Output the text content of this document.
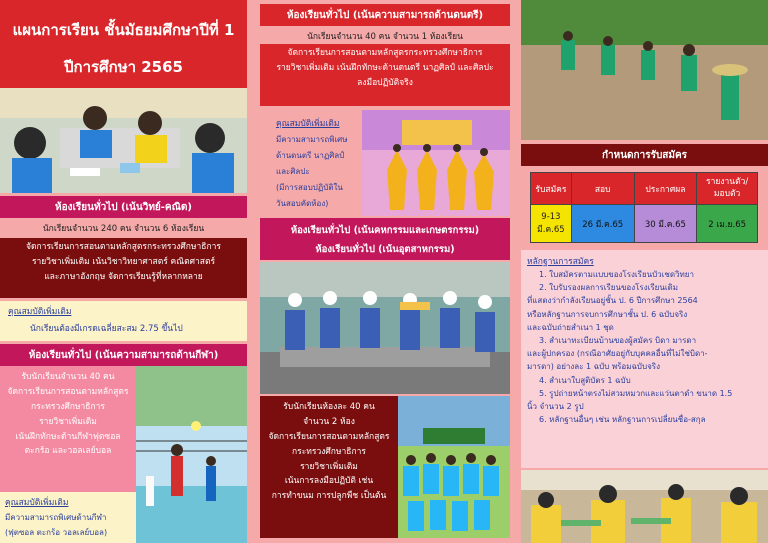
แผนการเรียน ชั้นมัธยมศึกษาปีที่ 1
ปีการศึกษา 2565
ห้องเรียนทั่วไป (เน้นวิทย์-คณิต)
นักเรียนจำนวน 240 คน จำนวน 6 ห้องเรียน
จัดการเรียนการสอนตามหลักสูตรกระทรวงศึกษาธิการ
รายวิชาเพิ่มเติม เน้นวิชาวิทยาศาสตร์ คณิตศาสตร์
และภาษาอังกฤษ จัดการเรียนรู้ที่หลากหลาย
คุณสมบัติเพิ่มเติม
นักเรียนต้องมีเกรดเฉลี่ยสะสม 2.75 ขึ้นไป
ห้องเรียนทั่วไป (เน้นความสามารถด้านกีฬา)
รับนักเรียนจำนวน 40 คน
จัดการเรียนการสอนตามหลักสูตร
กระทรวงศึกษาธิการ
รายวิชาเพิ่มเติม
เน้นฝึกทักษะด้านกีฬาฟุตซอล
ตะกร้อ และวอลเลย์บอล
คุณสมบัติเพิ่มเติม
มีความสามารถพิเศษด้านกีฬา
(ฟุตซอล ตะกร้อ วอลเลย์บอล)
ห้องเรียนทั่วไป (เน้นความสามารถด้านดนตรี)
นักเรียนจำนวน 40 คน จำนวน 1 ห้องเรียน
จัดการเรียนการสอนตามหลักสูตรกระทรวงศึกษาธิการ
รายวิชาเพิ่มเติม เน้นฝึกทักษะด้านดนตรี นาฏศิลป์ และศิลปะ
ลงมือปฏิบัติจริง
คุณสมบัติเพิ่มเติม
มีความสามารถพิเศษ
ด้านดนตรี นาฏศิลป์
และศิลปะ
(มีการสอบปฏิบัติใน
วันสอบคัดห้อง)
ห้องเรียนทั่วไป (เน้นคหกรรมและเกษตรกรรม)
ห้องเรียนทั่วไป (เน้นอุตสาหกรรม)
รับนักเรียนห้องละ 40 คน
จำนวน 2 ห้อง
จัดการเรียนการสอนตามหลักสูตร
กระทรวงศึกษาธิการ
รายวิชาเพิ่มเติม
เน้นการลงมือปฏิบัติ เช่น
การทำขนม การปลูกพืช เป็นต้น
กำหนดการรับสมัคร
รับสมัคร	สอบ	ประกาศผล	รายงานตัว/
มอบตัว
9-13
มี.ค.65	26 มี.ค.65	30 มี.ค.65	2 เม.ย.65
หลักฐานการสมัคร
1. ใบสมัครตามแบบของโรงเรียนบัวเชดวิทยา
2. ใบรับรองผลการเรียนของโรงเรียนเดิม
ที่แสดงว่ากำลังเรียนอยู่ชั้น ป. 6 ปีการศึกษา 2564
หรือหลักฐานการจบการศึกษาชั้น ป. 6 ฉบับจริง
และฉบับถ่ายสำเนา 1 ชุด
3. สำเนาทะเบียนบ้านของผู้สมัคร บิดา มารดา
และผู้ปกครอง (กรณีอาศัยอยู่กับบุคคลอื่นที่ไม่ใช่บิดา-
มารดา) อย่างละ 1 ฉบับ พร้อมฉบับจริง
4. สำเนาใบสูติบัตร 1 ฉบับ
5. รูปถ่ายหน้าตรงไม่สวมหมวกและแว่นตาดำ ขนาด 1.5
นิ้ว จำนวน 2 รูป
6. หลักฐานอื่นๆ เช่น หลักฐานการเปลี่ยนชื่อ-สกุล
